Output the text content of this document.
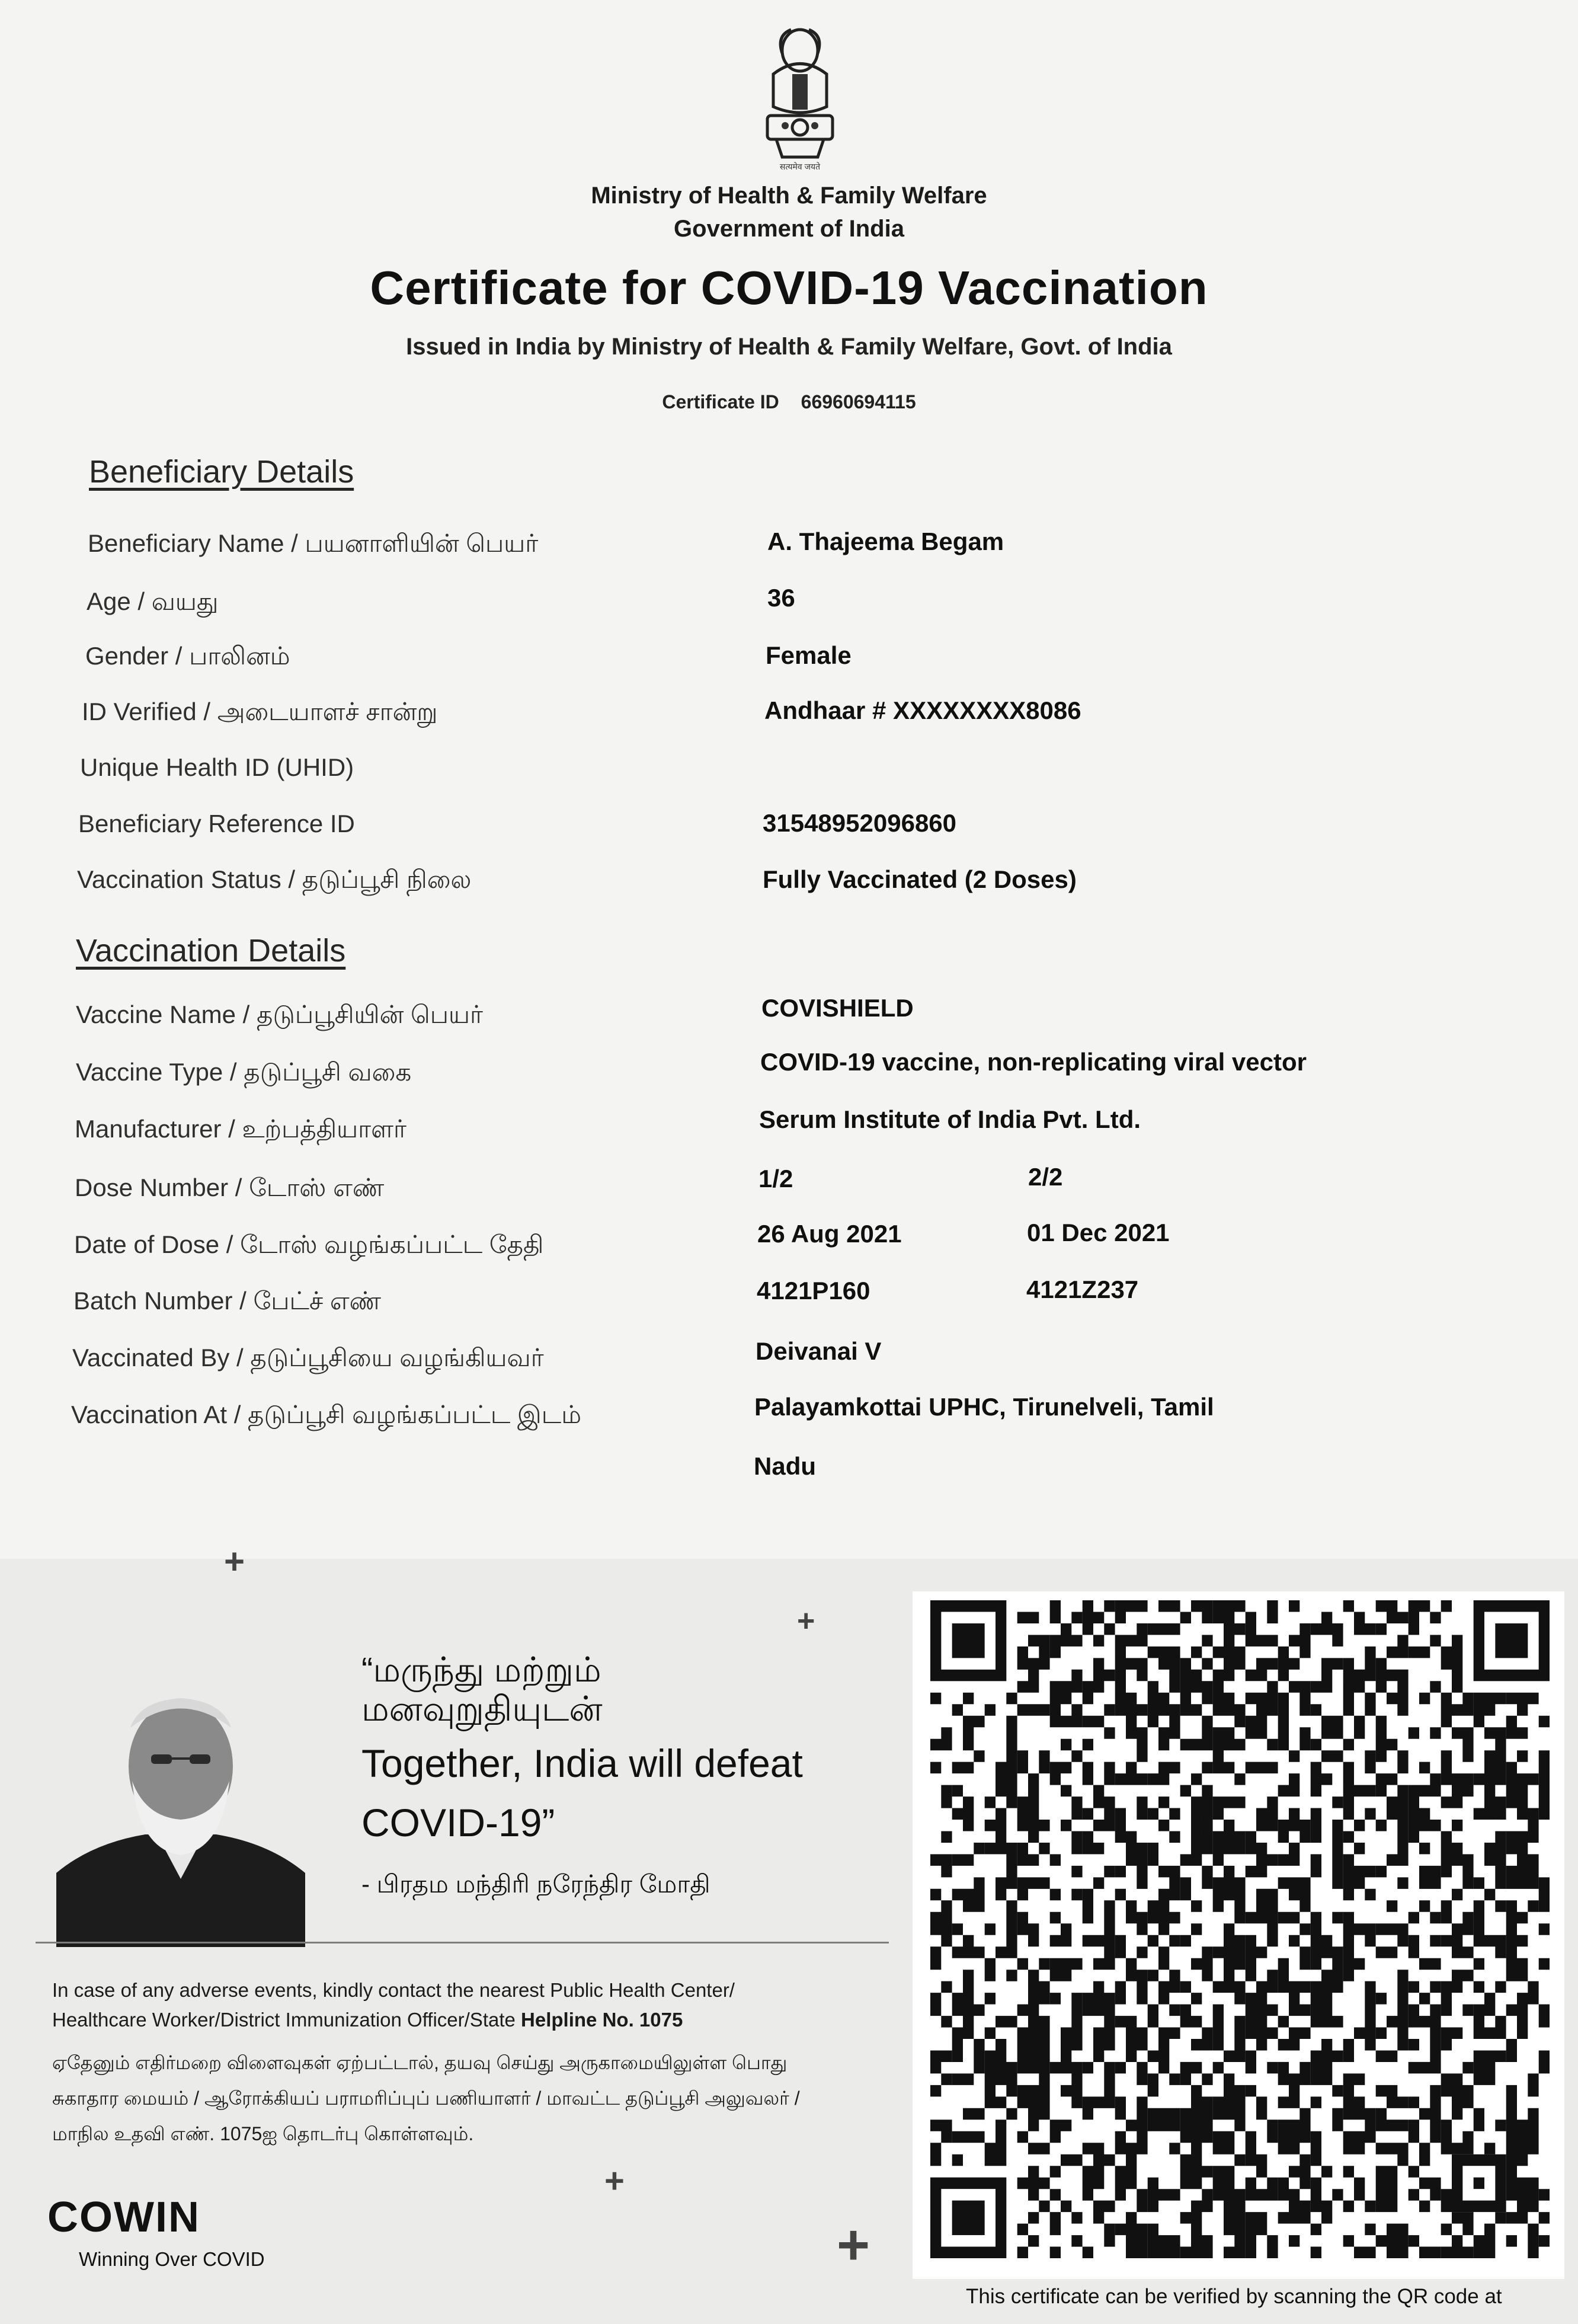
सत्यमेव जयते
Ministry of Health & Family Welfare
Government of India
Certificate for COVID-19 Vaccination
Issued in India by Ministry of Health & Family Welfare, Govt. of India
Certificate ID 66960694115
Beneficiary Details
Beneficiary Name / பயனாளியின் பெயர்	A. Thajeema Begam
Age / வயது	36
Gender / பாலினம்	Female
ID Verified / அடையாளச் சான்று	Andhaar # XXXXXXXX8086
Unique Health ID (UHID)
Beneficiary Reference ID	31548952096860
Vaccination Status / தடுப்பூசி நிலை	Fully Vaccinated (2 Doses)
Vaccination Details
Vaccine Name / தடுப்பூசியின் பெயர்	COVISHIELD
Vaccine Type / தடுப்பூசி வகை	COVID-19 vaccine, non-replicating viral vector
Manufacturer / உற்பத்தியாளர்	Serum Institute of India Pvt. Ltd.
Dose Number / டோஸ் எண்	1/2	2/2
Date of Dose / டோஸ் வழங்கப்பட்ட தேதி	26 Aug 2021	01 Dec 2021
Batch Number / பேட்ச் எண்	4121P160	4121Z237
Vaccinated By / தடுப்பூசியை வழங்கியவர்	Deivanai V
Vaccination At / தடுப்பூசி வழங்கப்பட்ட இடம்	Palayamkottai UPHC, Tirunelveli, Tamil
Nadu
+
+
+
+
“மருந்து மற்றும்
மனவுறுதியுடன்
Together, India will defeat
COVID-19”
- பிரதம மந்திரி நரேந்திர மோதி
In case of any adverse events, kindly contact the nearest Public Health Center/
Healthcare Worker/District Immunization Officer/State Helpline No. 1075
ஏதேனும் எதிர்மறை விளைவுகள் ஏற்பட்டால், தயவு செய்து அருகாமையிலுள்ள பொது
சுகாதார மையம் / ஆரோக்கியப் பராமரிப்புப் பணியாளர் / மாவட்ட தடுப்பூசி அலுவலர் /
மாநில உதவி எண். 1075ஐ தொடர்பு கொள்ளவும்.
COWIN
Winning Over COVID
This certificate can be verified by scanning the QR code at
